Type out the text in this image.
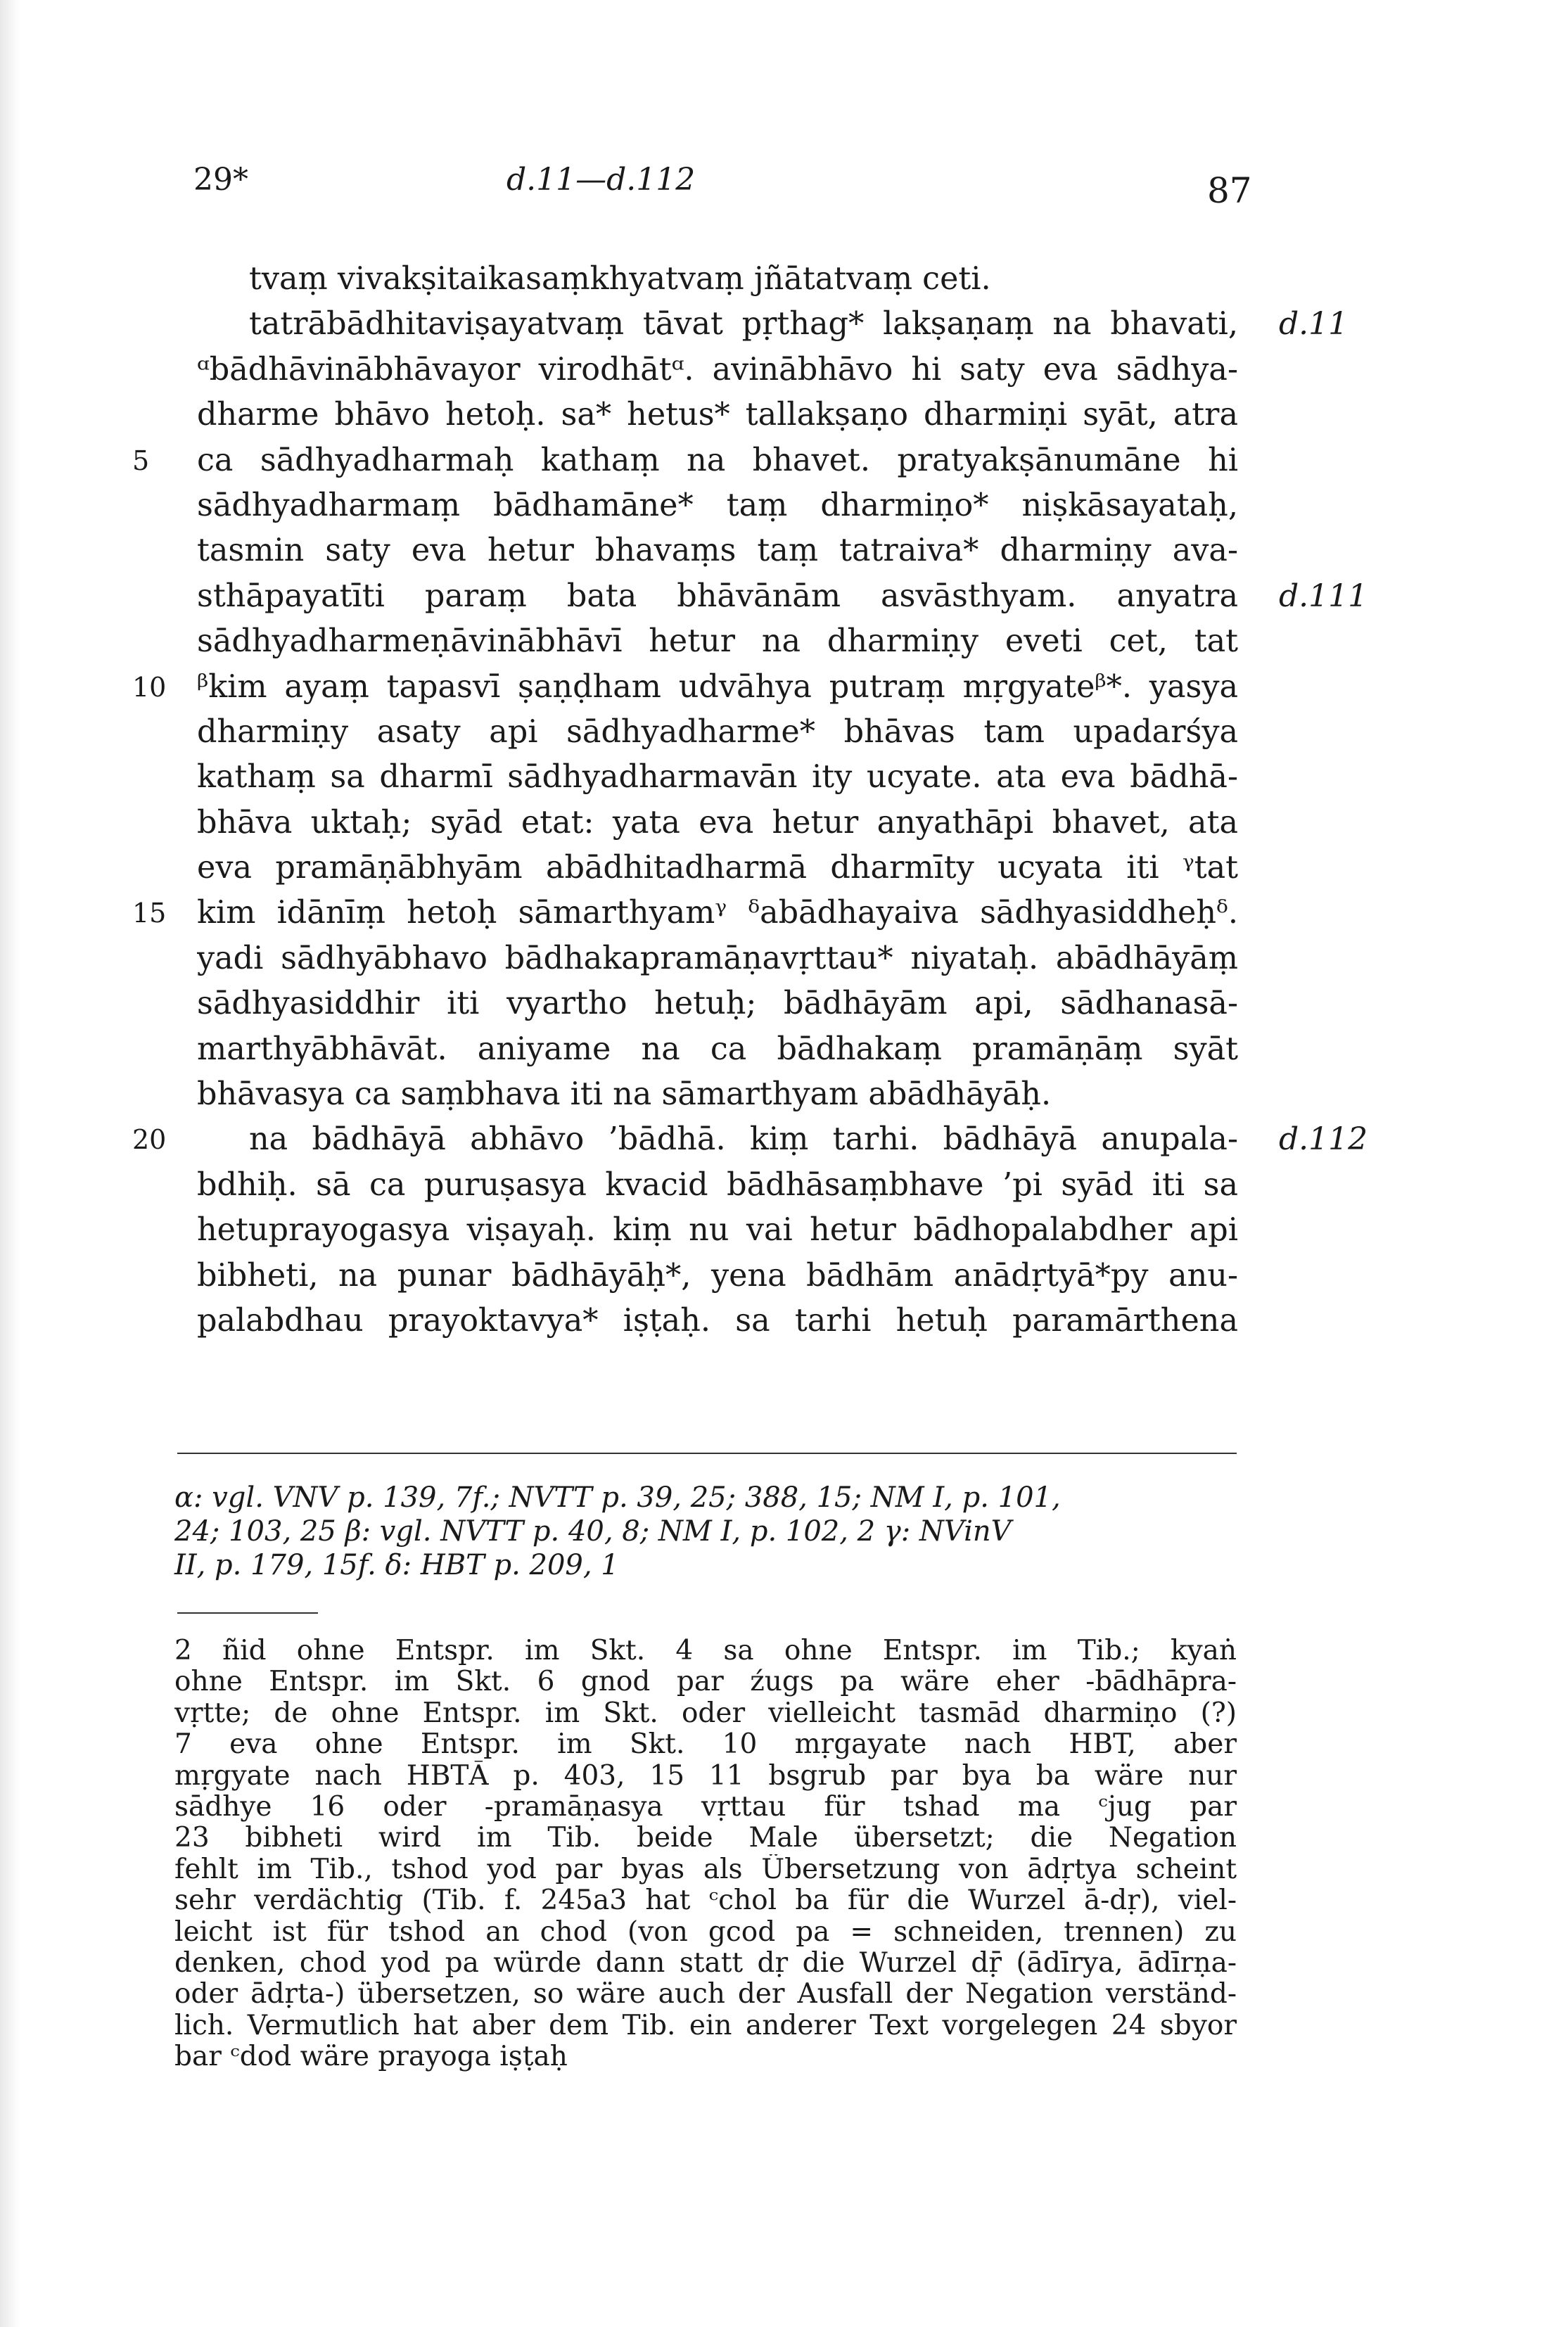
29*	d.11—d.112	87
tvaṃ vivakṣitaikasaṃkhyatvaṃ jñātatvaṃ ceti.
tatrābādhitaviṣayatvaṃ tāvat pṛthag* lakṣaṇaṃ na bhavati, d.11
ᵅbādhāvinābhāvayor virodhātᵅ. avinābhāvo hi saty eva sādhya-
dharme bhāvo hetoḥ. sa* hetus* tallakṣaṇo dharmiṇi syāt, atra
5	ca sādhyadharmaḥ kathaṃ na bhavet. pratyakṣānumāne hi
sādhyadharmaṃ bādhamāne* taṃ dharmiṇo* niṣkāsayataḥ,
tasmin saty eva hetur bhavaṃs taṃ tatraiva* dharmiṇy ava-
sthāpayatīti paraṃ bata bhāvānām asvāsthyam. anyatra d.111
sādhyadharmeṇāvinābhāvī hetur na dharmiṇy eveti cet, tat
10 ᵝkim ayaṃ tapasvī ṣaṇḍham udvāhya putraṃ mṛgyateᵝ*. yasya
dharmiṇy asaty api sādhyadharme* bhāvas tam upadarśya
kathaṃ sa dharmī sādhyadharmavān ity ucyate. ata eva bādhā-
bhāva uktaḥ; syād etat: yata eva hetur anyathāpi bhavet, ata
eva pramāṇābhyām abādhitadharmā dharmīty ucyata iti ᵞtat
15 kim idānīṃ hetoḥ sāmarthyamᵞ ᵟabādhayaiva sādhyasiddheḥᵟ.
yadi sādhyābhavo bādhakapramāṇavṛttau* niyataḥ. abādhāyāṃ
sādhyasiddhir iti vyartho hetuḥ; bādhāyām api, sādhanasā-
marthyābhāvāt. aniyame na ca bādhakaṃ pramāṇāṃ syāt
bhāvasya ca saṃbhava iti na sāmarthyam abādhāyāḥ.
20	na bādhāyā abhāvo ’bādhā. kiṃ tarhi. bādhāyā anupala- d.112
bdhiḥ. sā ca puruṣasya kvacid bādhāsaṃbhave ’pi syād iti sa
hetuprayogasya viṣayaḥ. kiṃ nu vai hetur bādhopalabdher api
bibheti, na punar bādhāyāḥ*, yena bādhām anādṛtyā*py anu-
palabdhau prayoktavya* iṣṭaḥ. sa tarhi hetuḥ paramārthena
α: vgl. VNV p. 139, 7f.; NVTT p. 39, 25; 388, 15; NM I, p. 101,
24; 103, 25 β: vgl. NVTT p. 40, 8; NM I, p. 102, 2 γ: NVinV
II, p. 179, 15f. δ: HBT p. 209, 1
2 ñid ohne Entspr. im Skt. 4 sa ohne Entspr. im Tib.; kyaṅ
ohne Entspr. im Skt. 6 gnod par źugs pa wäre eher -bādhāpra-
vṛtte; de ohne Entspr. im Skt. oder vielleicht tasmād dharmiṇo (?)
7 eva ohne Entspr. im Skt. 10 mṛgayate nach HBT, aber
mṛgyate nach HBTĀ p. 403, 15 11 bsgrub par bya ba wäre nur
sādhye 16 oder -pramāṇasya vṛttau für tshad ma ᶜjug par
23 bibheti wird im Tib. beide Male übersetzt; die Negation
fehlt im Tib., tshod yod par byas als Übersetzung von ādṛtya scheint
sehr verdächtig (Tib. f. 245a3 hat ᶜchol ba für die Wurzel ā-dṛ), viel-
leicht ist für tshod an chod (von gcod pa = schneiden, trennen) zu
denken, chod yod pa würde dann statt dṛ die Wurzel dṝ (ādīrya, ādīrṇa-
oder ādṛta-) übersetzen, so wäre auch der Ausfall der Negation verständ-
lich. Vermutlich hat aber dem Tib. ein anderer Text vorgelegen 24 sbyor
bar ᶜdod wäre prayoga iṣṭaḥ
